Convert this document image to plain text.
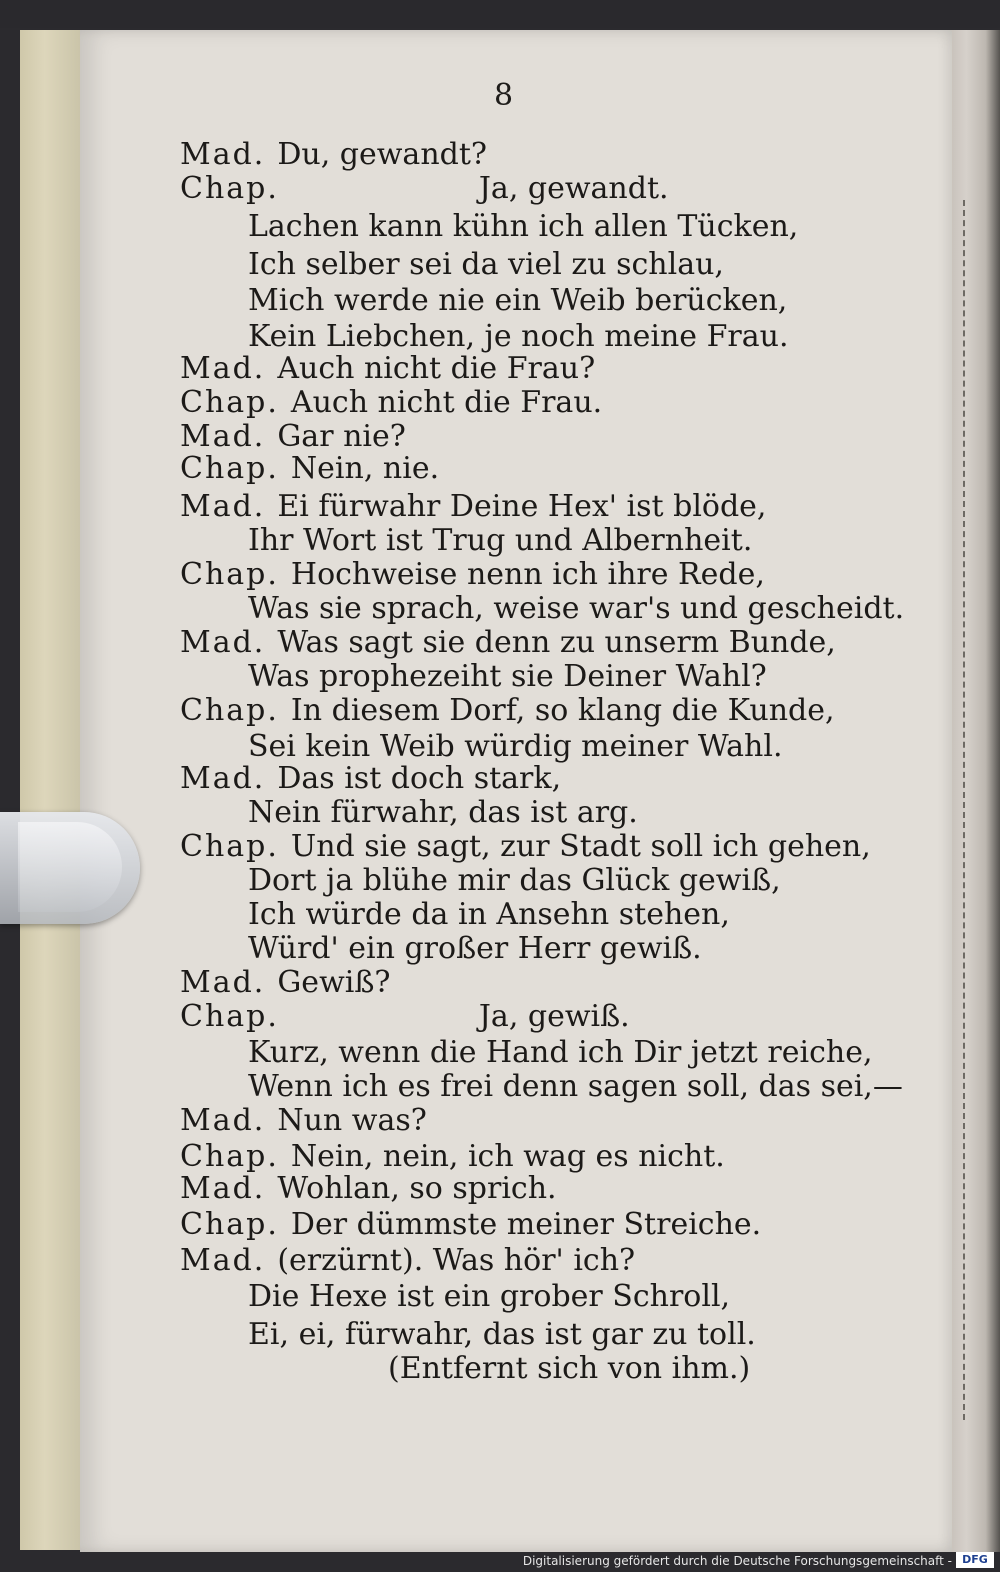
8
Mad. Du, gewandt?
Chap.	Ja, gewandt.
Lachen kann kühn ich allen Tücken,
Ich selber sei da viel zu schlau,
Mich werde nie ein Weib berücken,
Kein Liebchen, je noch meine Frau.
Mad. Auch nicht die Frau?
Chap. Auch nicht die Frau.
Mad. Gar nie?
Chap. Nein, nie.
Mad. Ei fürwahr Deine Hex' ist blöde,
Ihr Wort ist Trug und Albernheit.
Chap. Hochweise nenn ich ihre Rede,
Was sie sprach, weise war's und gescheidt.
Mad. Was sagt sie denn zu unserm Bunde,
Was prophezeiht sie Deiner Wahl?
Chap. In diesem Dorf, so klang die Kunde,
Sei kein Weib würdig meiner Wahl.
Mad. Das ist doch stark,
Nein fürwahr, das ist arg.
Chap. Und sie sagt, zur Stadt soll ich gehen,
Dort ja blühe mir das Glück gewiß,
Ich würde da in Ansehn stehen,
Würd' ein großer Herr gewiß.
Mad. Gewiß?
Chap.	Ja, gewiß.
Kurz, wenn die Hand ich Dir jetzt reiche,
Wenn ich es frei denn sagen soll, das sei,—
Mad. Nun was?
Chap. Nein, nein, ich wag es nicht.
Mad. Wohlan, so sprich.
Chap. Der dümmste meiner Streiche.
Mad. (erzürnt). Was hör' ich?
Die Hexe ist ein grober Schroll,
Ei, ei, fürwahr, das ist gar zu toll.
(Entfernt sich von ihm.)
Digitalisierung gefördert durch die Deutsche Forschungsgemeinschaft - DFG
